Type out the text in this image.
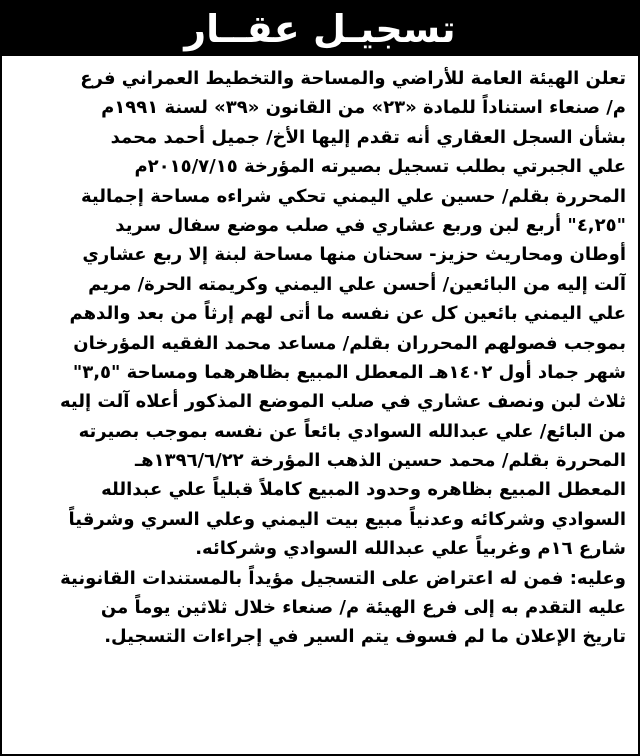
تسجيـل عقــار
تعلن الهيئة العامة للأراضي والمساحة والتخطيط العمراني فرع
م/ صنعاء استناداً للمادة «٢٣» من القانون «٣٩» لسنة ١٩٩١م
بشأن السجل العقاري أنه تقدم إليها الأخ/ جميل أحمد محمد
علي الجبرتي بطلب تسجيل بصيرته المؤرخة ٢٠١٥/٧/١٥م
المحررة بقلم/ حسين علي اليمني تحكي شراءه مساحة إجمالية
"٤,٢٥" أربع لبن وربع عشاري في صلب موضع سفال سريد
أوطان ومحاريث حزيز- سحنان منها مساحة لبنة إلا ربع عشاري
آلت إليه من البائعين/ أحسن علي اليمني وكريمته الحرة/ مريم
علي اليمني بائعين كل عن نفسه ما أتى لهم إرثاً من بعد والدهم
بموجب فصولهم المحرران بقلم/ مساعد محمد الفقيه المؤرخان
شهر جماد أول ١٤٠٢هـ المعطل المبيع بظاهرهما ومساحة "٣,٥"
ثلاث لبن ونصف عشاري في صلب الموضع المذكور أعلاه آلت إليه
من البائع/ علي عبدالله السوادي بائعاً عن نفسه بموجب بصيرته
المحررة بقلم/ محمد حسين الذهب المؤرخة ١٣٩٦/٦/٢٢هـ
المعطل المبيع بظاهره وحدود المبيع كاملاً قبلياً علي عبدالله
السوادي وشركائه وعدنياً مبيع بيت اليمني وعلي السري وشرقياً
شارع ١٦م وغربياً علي عبدالله السوادي وشركائه.
وعليه: فمن له اعتراض على التسجيل مؤيداً بالمستندات القانونية
عليه التقدم به إلى فرع الهيئة م/ صنعاء خلال ثلاثين يوماً من
تاريخ الإعلان ما لم فسوف يتم السير في إجراءات التسجيل.
